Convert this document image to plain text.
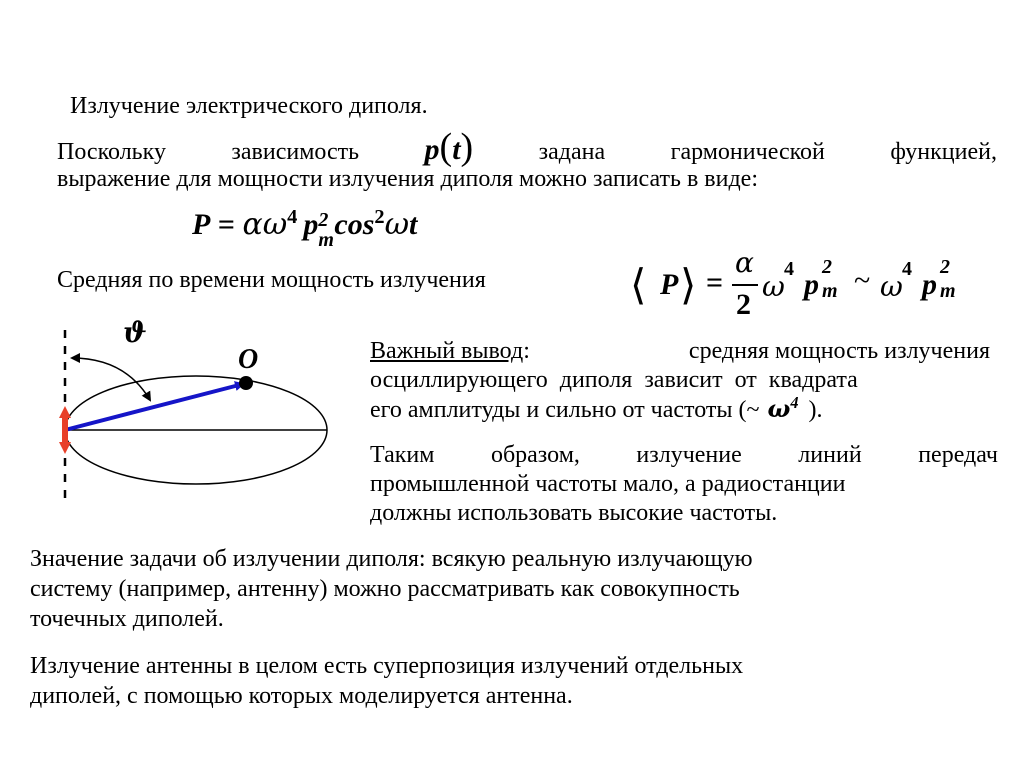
Излучение электрического диполя.
Поскольку	зависимость p(t)	задана	гармонической	функцией,
выражение для мощности излучения диполя можно записать в виде:
$P = \alpha\omega^4$ p 2
m $\cos^2\omega t$
Средняя по времени мощность излучения	⟨ P ⟩ =
α
2
ω
4 p
2
m ~ ω
4 p
2
m
ϑ
O	Важный вывод:	средняя мощность излучения
осциллирующего диполя зависит от квадрата
его амплитуды и сильно от частоты (~ $\omega^4$ ).
Таким образом, излучение линий передач
промышленной частоты мало, а радиостанции
должны использовать высокие частоты.
Значение задачи об излучении диполя: всякую реальную излучающую
систему (например, антенну) можно рассматривать как совокупность
точечных диполей.
Излучение антенны в целом есть суперпозиция излучений отдельных
диполей, с помощью которых моделируется антенна.
